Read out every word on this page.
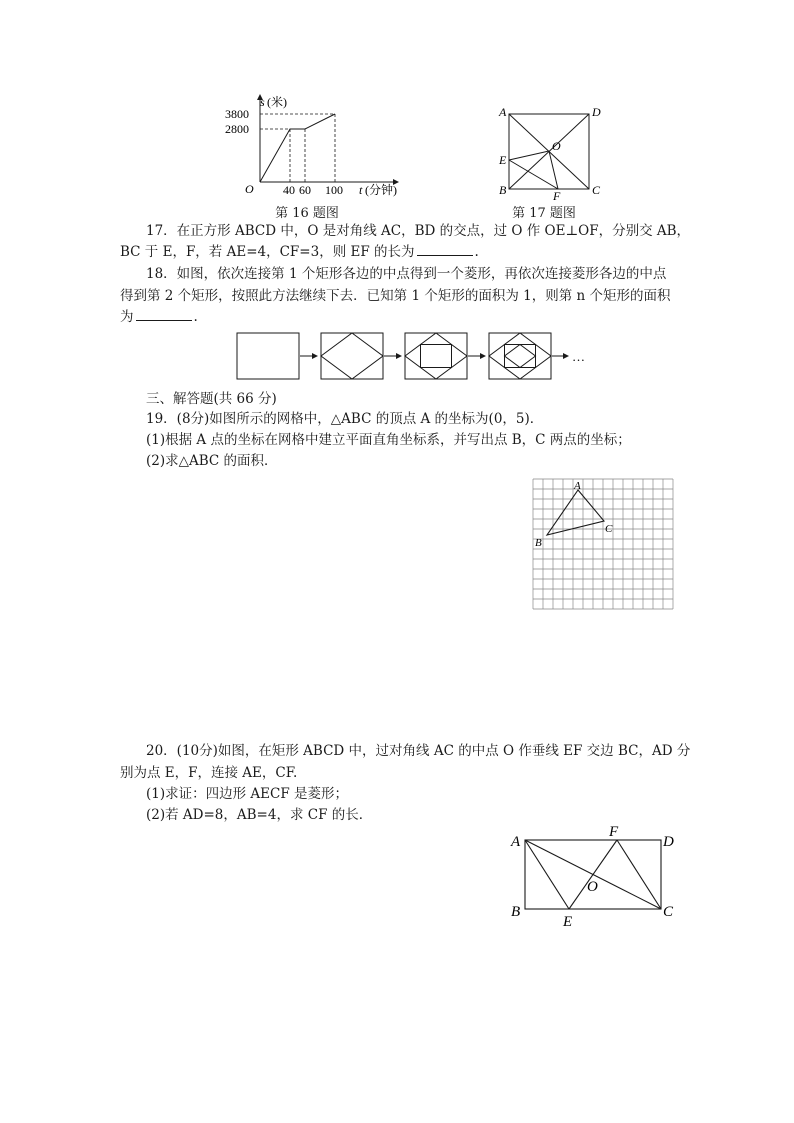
s (米)
t (分钟)
O
3800
2800
40 60 100
第 16 题图
A	D
B	C
E
F
O
第 17 题图
17．在正方形 ABCD 中，O 是对角线 AC，BD 的交点，过 O 作 OE⊥OF，分别交 AB，
BC 于 E，F，若 AE=4，CF=3，则 EF 的长为	.
18．如图，依次连接第 1 个矩形各边的中点得到一个菱形，再依次连接菱形各边的中点
得到第 2 个矩形，按照此方法继续下去．已知第 1 个矩形的面积为 1，则第 n 个矩形的面积
为	.
…
三、解答题(共 66 分)
19．(8分)如图所示的网格中，△ABC 的顶点 A 的坐标为(0，5)．
(1)根据 A 点的坐标在网格中建立平面直角坐标系，并写出点 B，C 两点的坐标；
(2)求△ABC 的面积．
A
B
C
20．(10分)如图，在矩形 ABCD 中，过对角线 AC 的中点 O 作垂线 EF 交边 BC，AD 分
别为点 E，F，连接 AE，CF.
(1)求证：四边形 AECF 是菱形；
(2)若 AD=8，AB=4，求 CF 的长．
A
F
D
O
B
E
C
